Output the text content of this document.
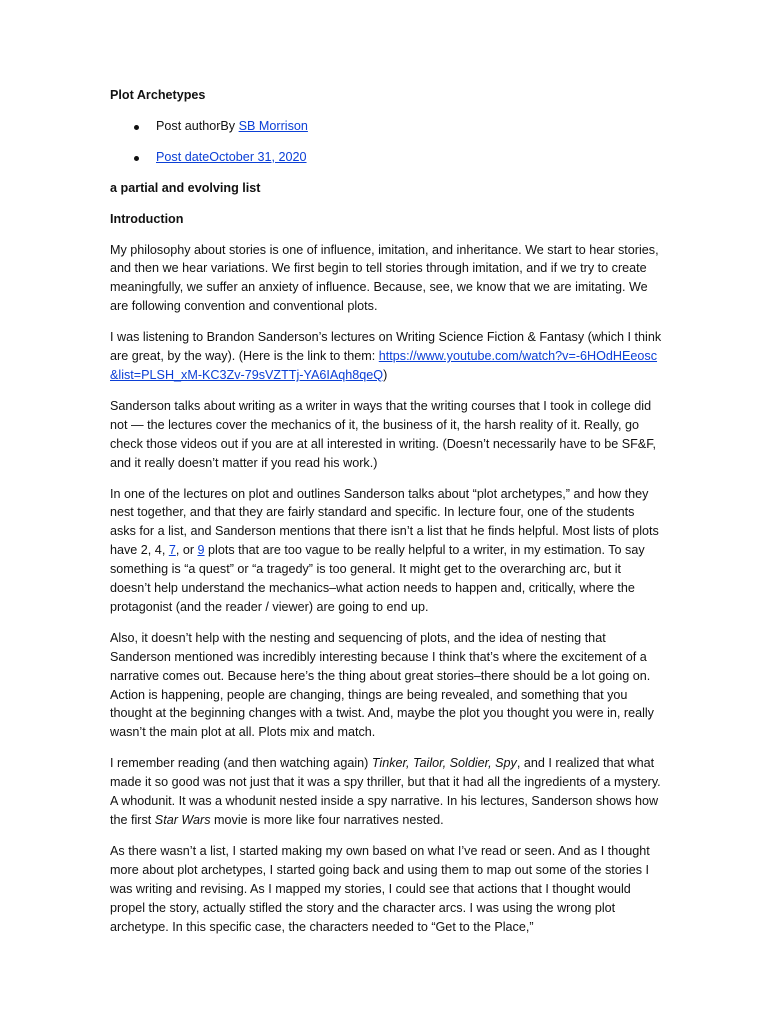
Plot Archetypes
Post authorBy SB Morrison
Post dateOctober 31, 2020
a partial and evolving list
Introduction

My philosophy about stories is one of influence, imitation, and inheritance. We start to hear stories, and then we hear variations. We first begin to tell stories through imitation, and if we try to create meaningfully, we suffer an anxiety of influence. Because, see, we know that we are imitating. We are following convention and conventional plots.

I was listening to Brandon Sanderson’s lectures on Writing Science Fiction & Fantasy (which I think are great, by the way). (Here is the link to them: https://www.youtube.com/watch?v=-6HOdHEeosc&list=PLSH_xM-KC3Zv-79sVZTTj-YA6IAqh8qeQ)

Sanderson talks about writing as a writer in ways that the writing courses that I took in college did not — the lectures cover the mechanics of it, the business of it, the harsh reality of it. Really, go check those videos out if you are at all interested in writing. (Doesn’t necessarily have to be SF&F, and it really doesn’t matter if you read his work.)

In one of the lectures on plot and outlines Sanderson talks about “plot archetypes,” and how they nest together, and that they are fairly standard and specific. In lecture four, one of the students asks for a list, and Sanderson mentions that there isn’t a list that he finds helpful. Most lists of plots have 2, 4, 7, or 9 plots that are too vague to be really helpful to a writer, in my estimation. To say something is “a quest” or “a tragedy” is too general. It might get to the overarching arc, but it doesn’t help understand the mechanics–what action needs to happen and, critically, where the protagonist (and the reader / viewer) are going to end up.

Also, it doesn’t help with the nesting and sequencing of plots, and the idea of nesting that Sanderson mentioned was incredibly interesting because I think that’s where the excitement of a narrative comes out. Because here’s the thing about great stories–there should be a lot going on. Action is happening, people are changing, things are being revealed, and something that you thought at the beginning changes with a twist. And, maybe the plot you thought you were in, really wasn’t the main plot at all. Plots mix and match.

I remember reading (and then watching again) Tinker, Tailor, Soldier, Spy, and I realized that what made it so good was not just that it was a spy thriller, but that it had all the ingredients of a mystery. A whodunit. It was a whodunit nested inside a spy narrative. In his lectures, Sanderson shows how the first Star Wars movie is more like four narratives nested.

As there wasn’t a list, I started making my own based on what I’ve read or seen. And as I thought more about plot archetypes, I started going back and using them to map out some of the stories I was writing and revising. As I mapped my stories, I could see that actions that I thought would propel the story, actually stifled the story and the character arcs. I was using the wrong plot archetype. In this specific case, the characters needed to “Get to the Place,”
